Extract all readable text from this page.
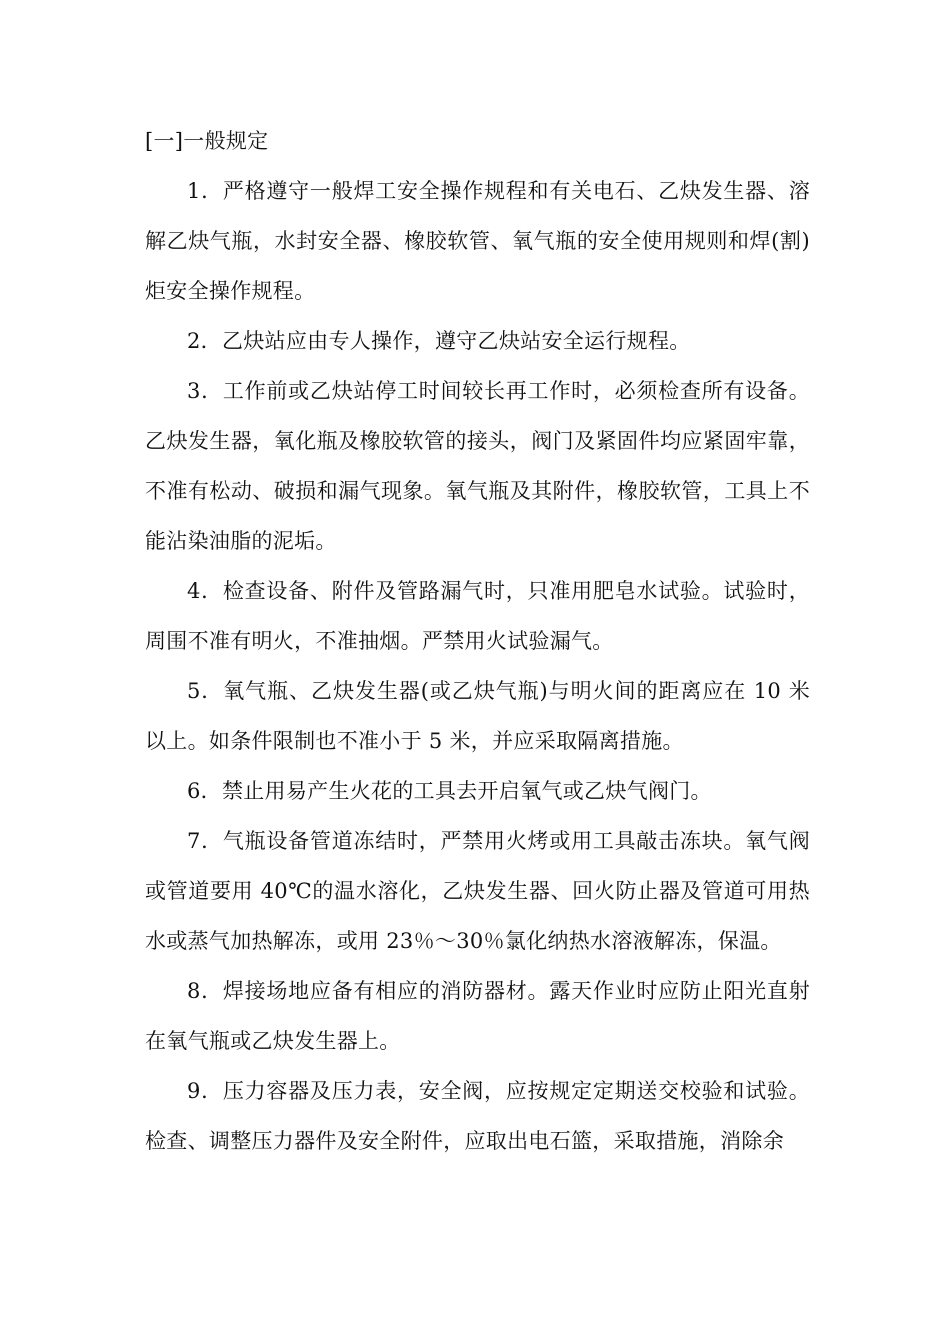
[一]一般规定

1．严格遵守一般焊工安全操作规程和有关电石、乙炔发生器、溶解乙炔气瓶，水封安全器、橡胶软管、氧气瓶的安全使用规则和焊(割)炬安全操作规程。

2．乙炔站应由专人操作，遵守乙炔站安全运行规程。

3．工作前或乙炔站停工时间较长再工作时，必须检查所有设备。乙炔发生器，氧化瓶及橡胶软管的接头，阀门及紧固件均应紧固牢靠，不准有松动、破损和漏气现象。氧气瓶及其附件，橡胶软管，工具上不能沾染油脂的泥垢。

4．检查设备、附件及管路漏气时，只准用肥皂水试验。试验时，周围不准有明火，不准抽烟。严禁用火试验漏气。

5．氧气瓶、乙炔发生器(或乙炔气瓶)与明火间的距离应在 10 米以上。如条件限制也不准小于 5 米，并应采取隔离措施。

6．禁止用易产生火花的工具去开启氧气或乙炔气阀门。

7．气瓶设备管道冻结时，严禁用火烤或用工具敲击冻块。氧气阀或管道要用 40℃的温水溶化，乙炔发生器、回火防止器及管道可用热水或蒸气加热解冻，或用 23％～30％氯化纳热水溶液解冻，保温。

8．焊接场地应备有相应的消防器材。露天作业时应防止阳光直射在氧气瓶或乙炔发生器上。

9．压力容器及压力表，安全阀，应按规定定期送交校验和试验。检查、调整压力器件及安全附件，应取出电石篮，采取措施，消除余
